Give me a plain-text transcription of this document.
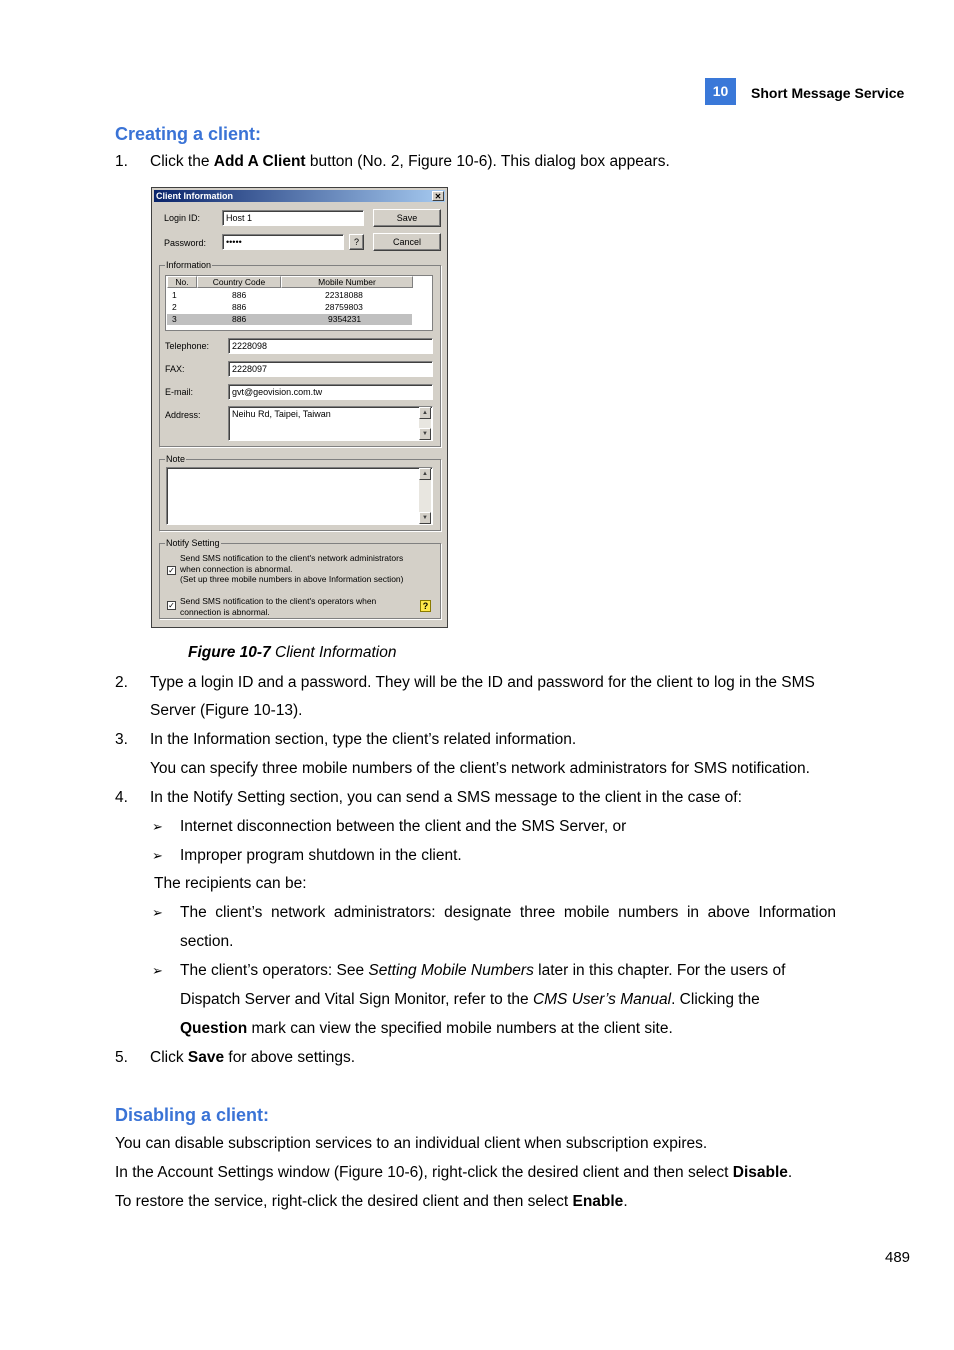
10	Short Message Service
Creating a client:
1. Click the Add A Client button (No. 2, Figure 10-6). This dialog box appears.
Client Information	✕
Login ID:	Host 1	Save
Password:	•••••	?	Cancel
Information
No.	Country Code	Mobile Number
1	886	22318088
2	886	28759803
3	886	9354231
Telephone:	2228098
FAX:	2228097
E-mail:	gvt@geovision.com.tw
Address:	Neihu Rd, Taipei, Taiwan	▲
▼
Note
▲
▼
Notify Setting
✓
Send SMS notification to the client's network administrators
when connection is abnormal.
(Set up three mobile numbers in above Information section)
✓ Send SMS notification to the client's operators when
connection is abnormal.
?
Figure 10-7 Client Information
2. Type a login ID and a password. They will be the ID and password for the client to log in the SMS
Server (Figure 10-13).
3. In the Information section, type the client’s related information.
You can specify three mobile numbers of the client’s network administrators for SMS notification.
4. In the Notify Setting section, you can send a SMS message to the client in the case of:
➢ Internet disconnection between the client and the SMS Server, or
➢ Improper program shutdown in the client.
The recipients can be:
➢ The client’s network administrators: designate three mobile numbers in above Information
section.
➢ The client’s operators: See Setting Mobile Numbers later in this chapter. For the users of
Dispatch Server and Vital Sign Monitor, refer to the CMS User’s Manual. Clicking the
Question mark can view the specified mobile numbers at the client site.
5. Click Save for above settings.
Disabling a client:
You can disable subscription services to an individual client when subscription expires.
In the Account Settings window (Figure 10-6), right-click the desired client and then select Disable.
To restore the service, right-click the desired client and then select Enable.
489
